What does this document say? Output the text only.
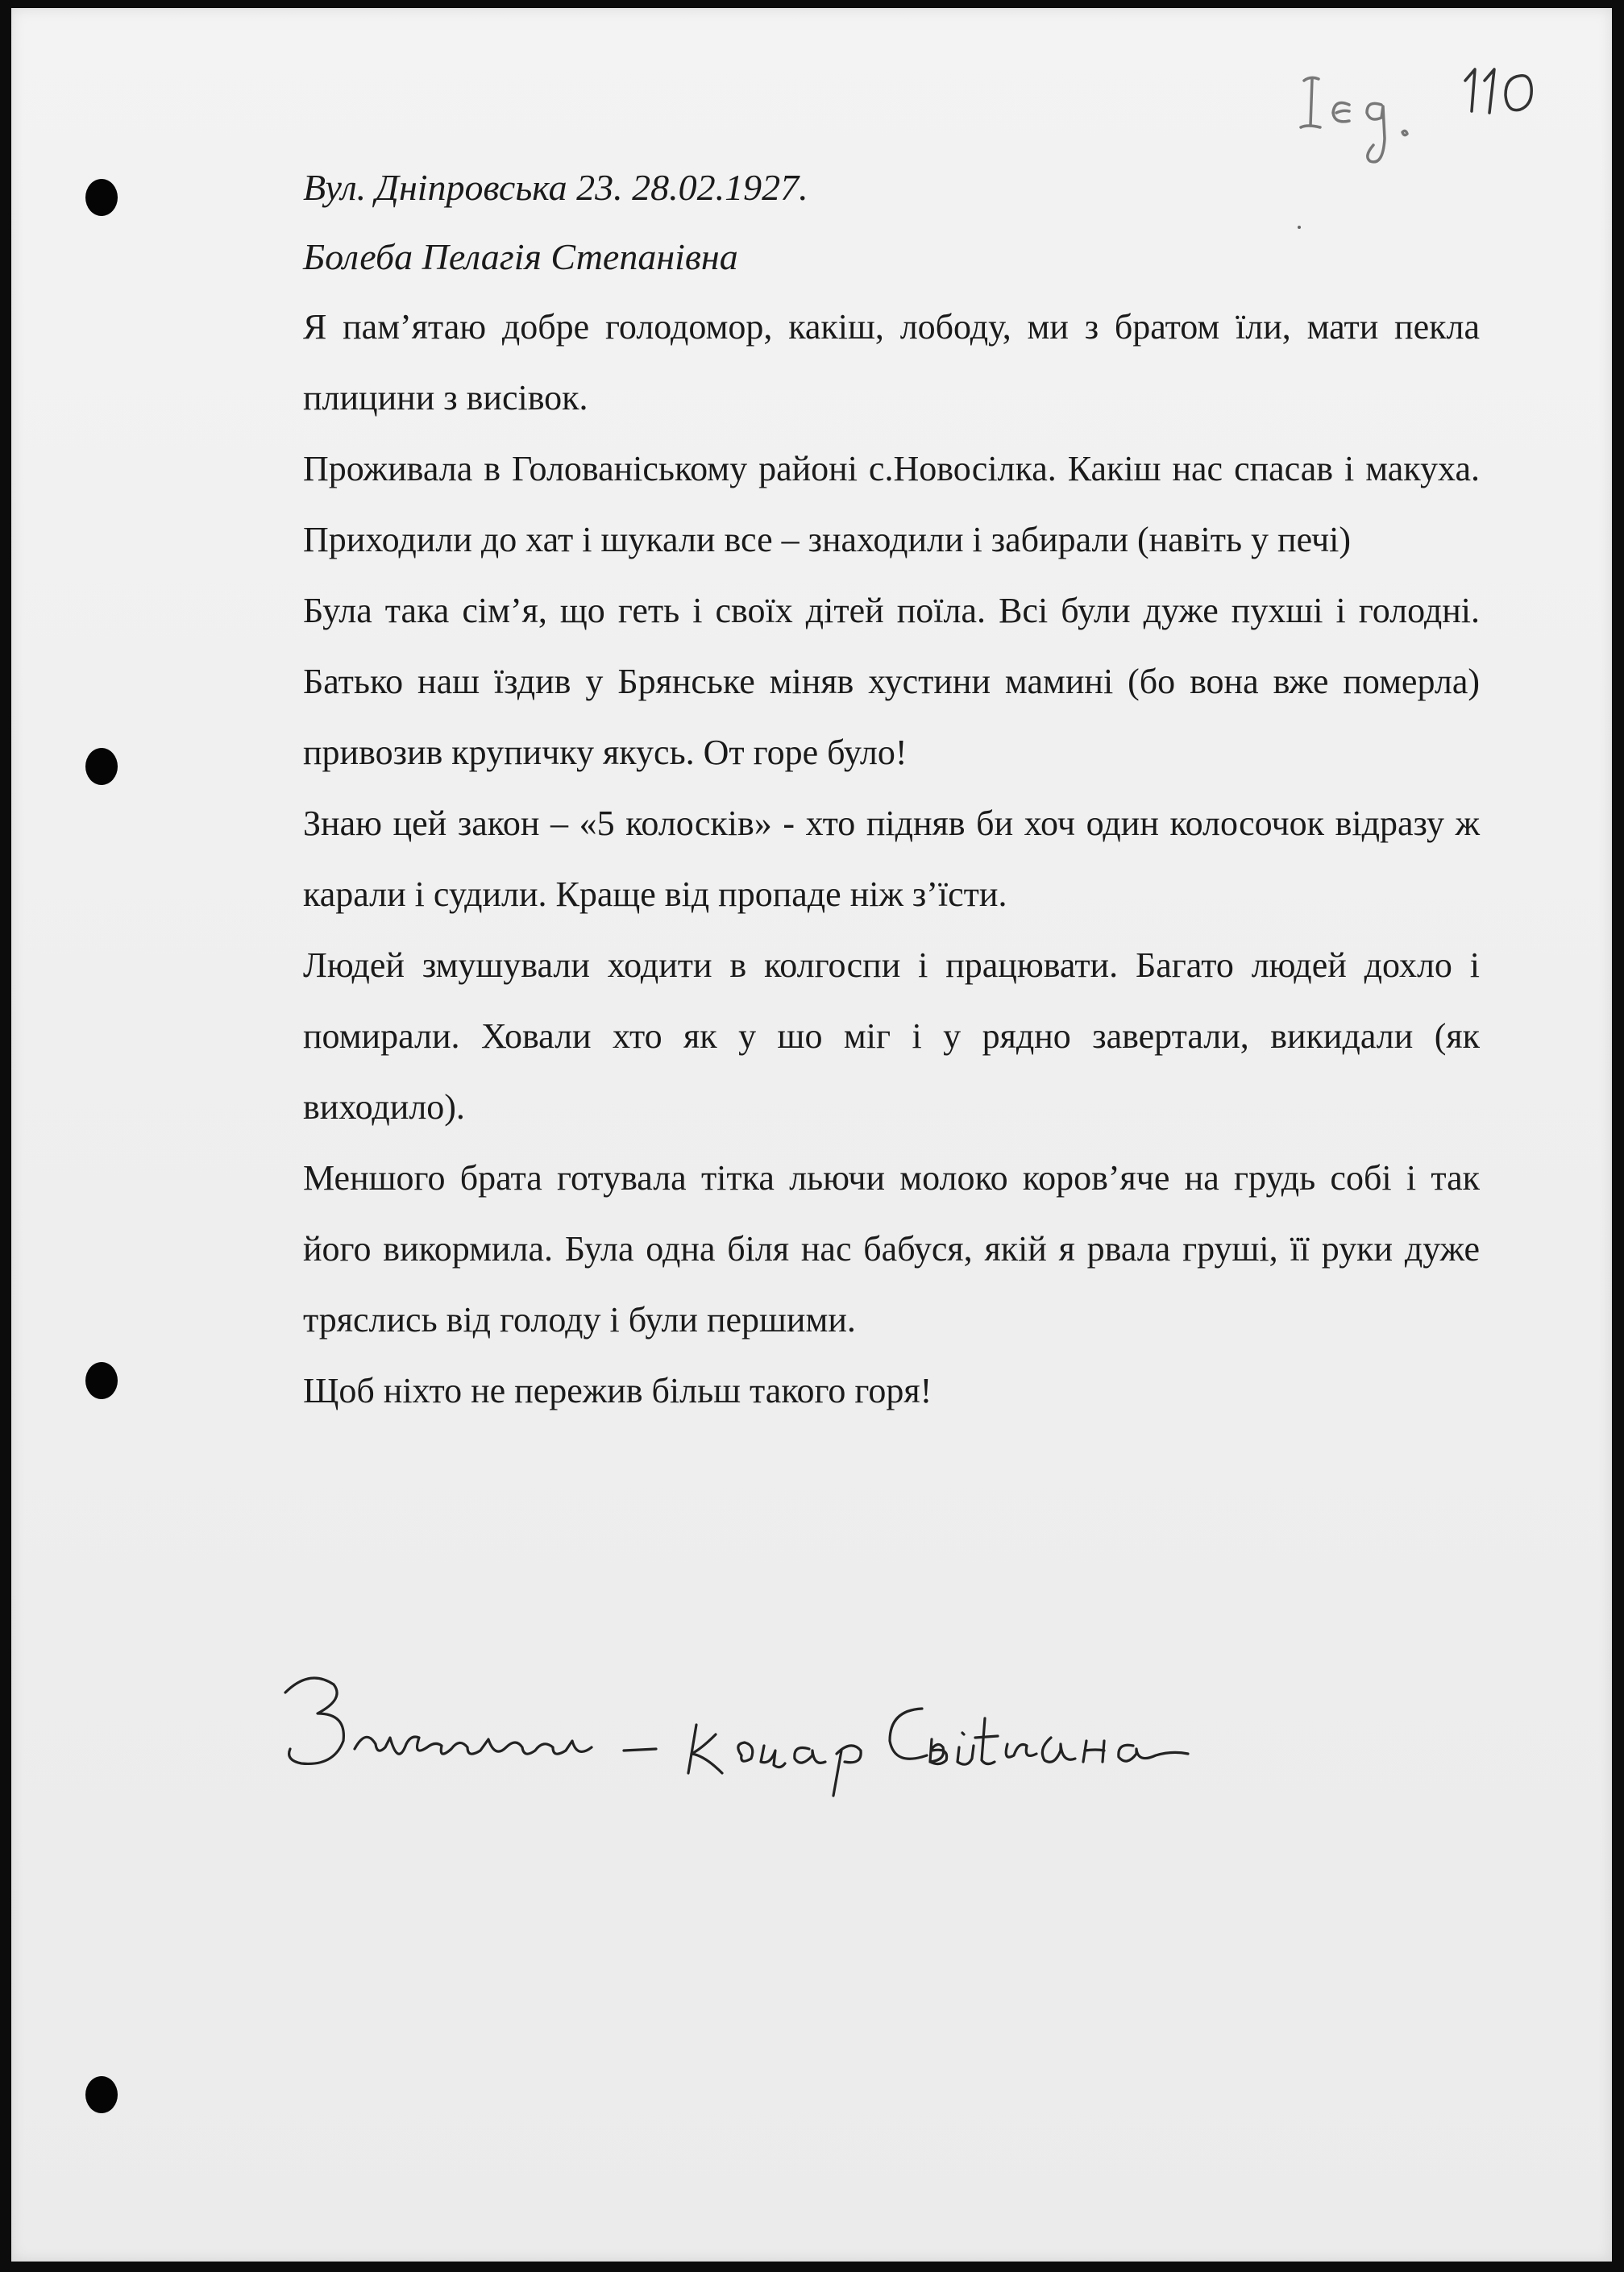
Вул. Дніпровська 23. 28.02.1927.
Болеба Пелагія Степанівна

Я пам’ятаю добре голодомор, какіш, лободу, ми з братом їли, мати пекла плицини з висівок.

Проживала в Голованіському районі с.Новосілка. Какіш нас спасав і макуха. Приходили до хат і шукали все – знаходили і забирали (навіть у печі)

Була така сім’я, що геть і своїх дітей поїла. Всі були дуже пухші і голодні. Батько наш їздив у Брянське міняв хустини мамині (бо вона вже померла) привозив крупичку якусь. От горе було!

Знаю цей закон – «5 колосків» - хто підняв би хоч один колосочок відразу ж карали і судили. Краще від пропаде ніж з’їсти.

Людей змушували ходити в колгоспи і працювати. Багато людей дохло і помирали. Ховали хто як у шо міг і у рядно завертали, викидали (як виходило).

Меншого брата готувала тітка льючи молоко коров’яче на грудь собі і так його викормила. Була одна біля нас бабуся, якій я рвала груші, її руки дуже тряслись від голоду і були першими.

Щоб ніхто не пережив більш такого горя!
